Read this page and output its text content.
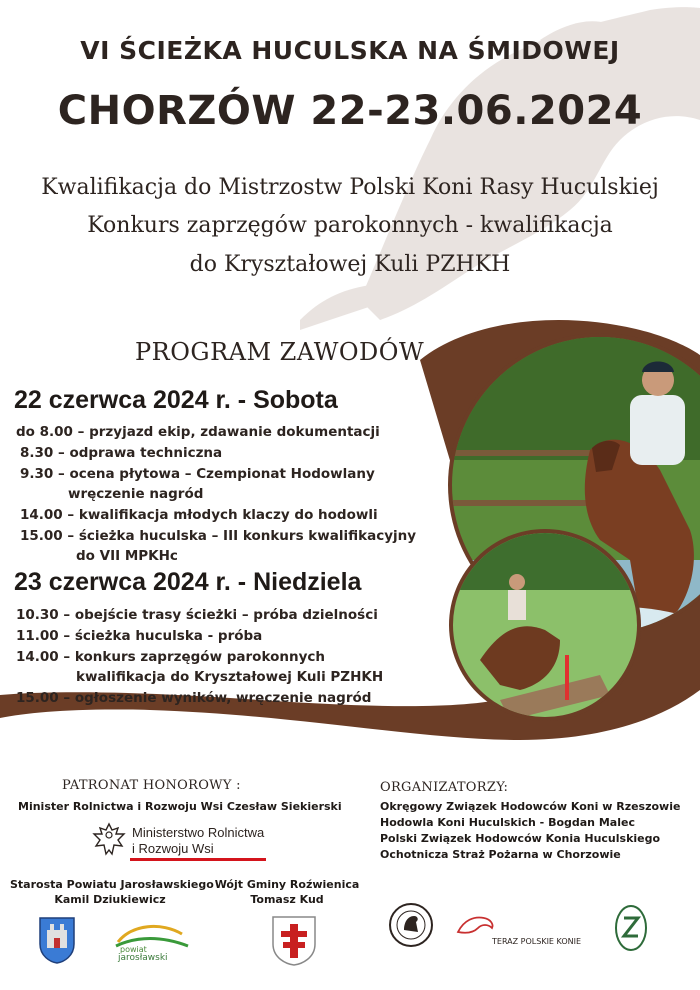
VI ŚCIEŻKA HUCULSKA NA ŚMIDOWEJ
CHORZÓW 22-23.06.2024
Kwalifikacja do Mistrzostw Polski Koni Rasy Huculskiej
Konkurs zaprzęgów parokonnych - kwalifikacja
do Kryształowej Kuli PZHKH
PROGRAM ZAWODÓW
22 czerwca 2024 r. - Sobota
do 8.00 – przyjazd ekip, zdawanie dokumentacji
8.30 – odprawa techniczna
9.30 – ocena płytowa – Czempionat Hodowlany
wręczenie nagród
14.00 – kwalifikacja młodych klaczy do hodowli
15.00 – ścieżka huculska – III konkurs kwalifikacyjny
do VII MPKHc
23 czerwca 2024 r. - Niedziela
10.30 – obejście trasy ścieżki – próba dzielności
11.00 – ścieżka huculska - próba
14.00 – konkurs zaprzęgów parokonnych
kwalifikacja do Kryształowej Kuli PZHKH
15.00 – ogłoszenie wyników, wręczenie nagród
PATRONAT HONOROWY :
Minister Rolnictwa i Rozwoju Wsi Czesław Siekierski
Ministerstwo Rolnictwa
i Rozwoju Wsi
Starosta Powiatu Jarosławskiego
Kamil Dziukiewicz
Wójt Gminy Roźwienica
Tomasz Kud
powiat
jarosławski
ORGANIZATORZY:
Okręgowy Związek Hodowców Koni w Rzeszowie
Hodowla Koni Huculskich - Bogdan Malec
Polski Związek Hodowców Konia Huculskiego
Ochotnicza Straż Pożarna w Chorzowie
TERAZ POLSKIE KONIE
